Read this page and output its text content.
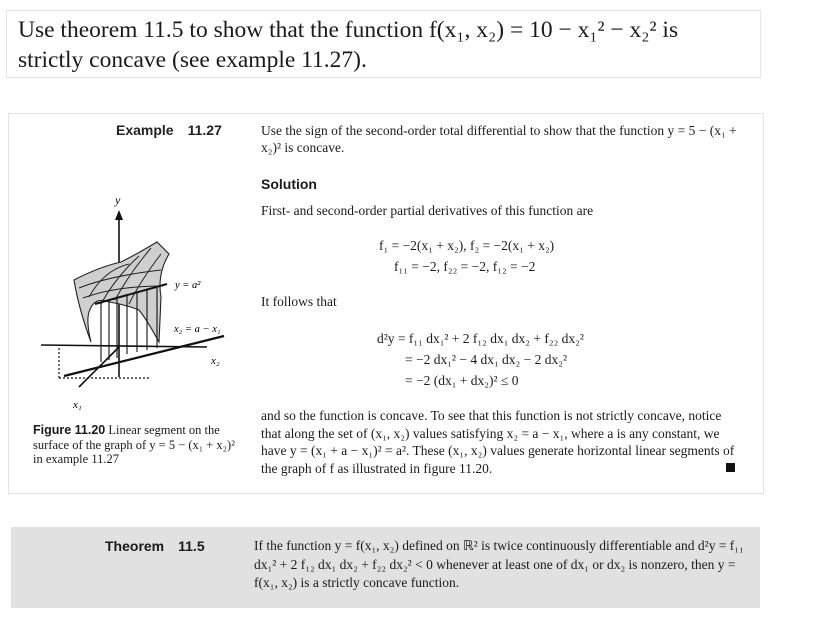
Use theorem 11.5 to show that the function f(x₁, x₂) = 10 − x₁² − x₂² is
strictly concave (see example 11.27).
Example 11.27	Use the sign of the second-order total differential to show that the function y = 5 − (x₁ + x₂)² is concave.
Solution
First- and second-order partial derivatives of this function are
f₁ = −2(x₁ + x₂), f₂ = −2(x₁ + x₂)
f₁₁ = −2, f₂₂ = −2, f₁₂ = −2
It follows that
d²y = f₁₁ dx₁² + 2 f₁₂ dx₁ dx₂ + f₂₂ dx₂²
= −2 dx₁² − 4 dx₁ dx₂ − 2 dx₂²
= −2 (dx₁ + dx₂)² ≤ 0
and so the function is concave. To see that this function is not strictly concave, notice that along the set of (x₁, x₂) values satisfying x₂ = a − x₁, where a is any constant, we have y = (x₁ + a − x₁)² = a². These (x₁, x₂) values generate horizontal linear segments of the graph of f as illustrated in figure 11.20.
y
x₂
x₁
x₂ = a − x₁
y = a²
Figure 11.20 Linear segment on the surface of the graph of y = 5 − (x₁ + x₂)² in example 11.27
Theorem 11.5	If the function y = f(x₁, x₂) defined on ℝ² is twice continuously differentiable and d²y = f₁₁ dx₁² + 2 f₁₂ dx₁ dx₂ + f₂₂ dx₂² < 0 whenever at least one of dx₁ or dx₂ is nonzero, then y = f(x₁, x₂) is a strictly concave function.
